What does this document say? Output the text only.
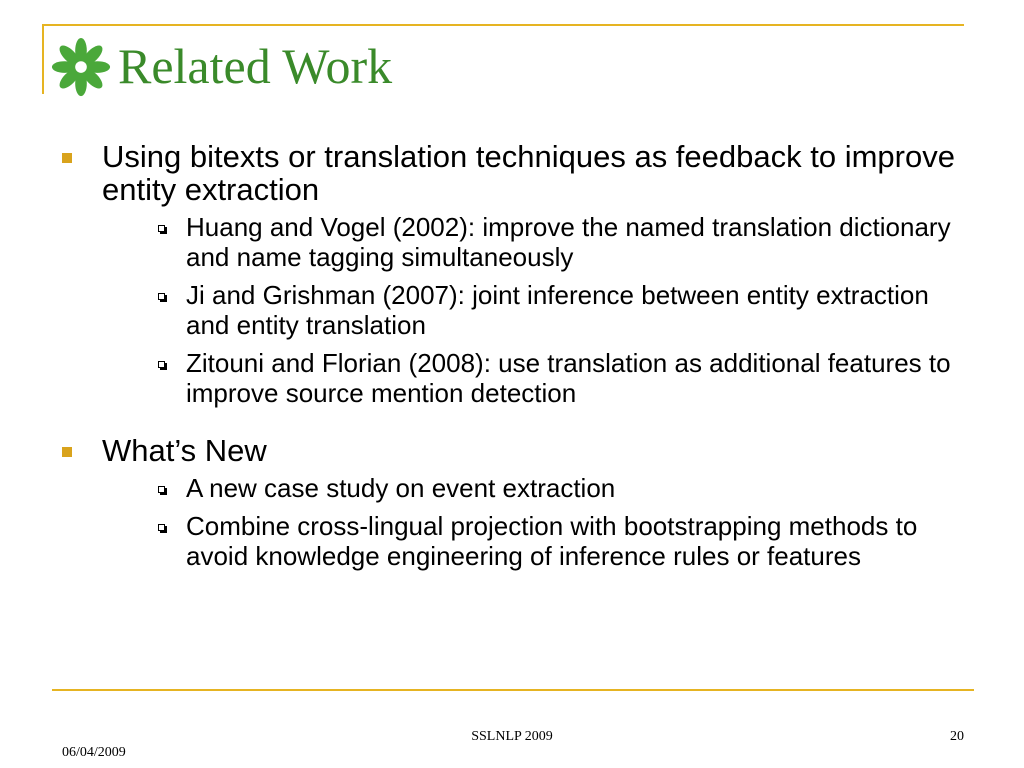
Related Work
Using bitexts or translation techniques as feedback to improve entity extraction
Huang and Vogel (2002): improve the named translation dictionary and name tagging simultaneously
Ji and Grishman (2007): joint inference between entity extraction and entity translation
Zitouni and Florian (2008): use translation as additional features to improve source mention detection
What’s New
A new case study on event extraction
Combine cross-lingual projection with bootstrapping methods to avoid knowledge engineering of inference rules or features
SSLNLP 2009	20
06/04/2009
